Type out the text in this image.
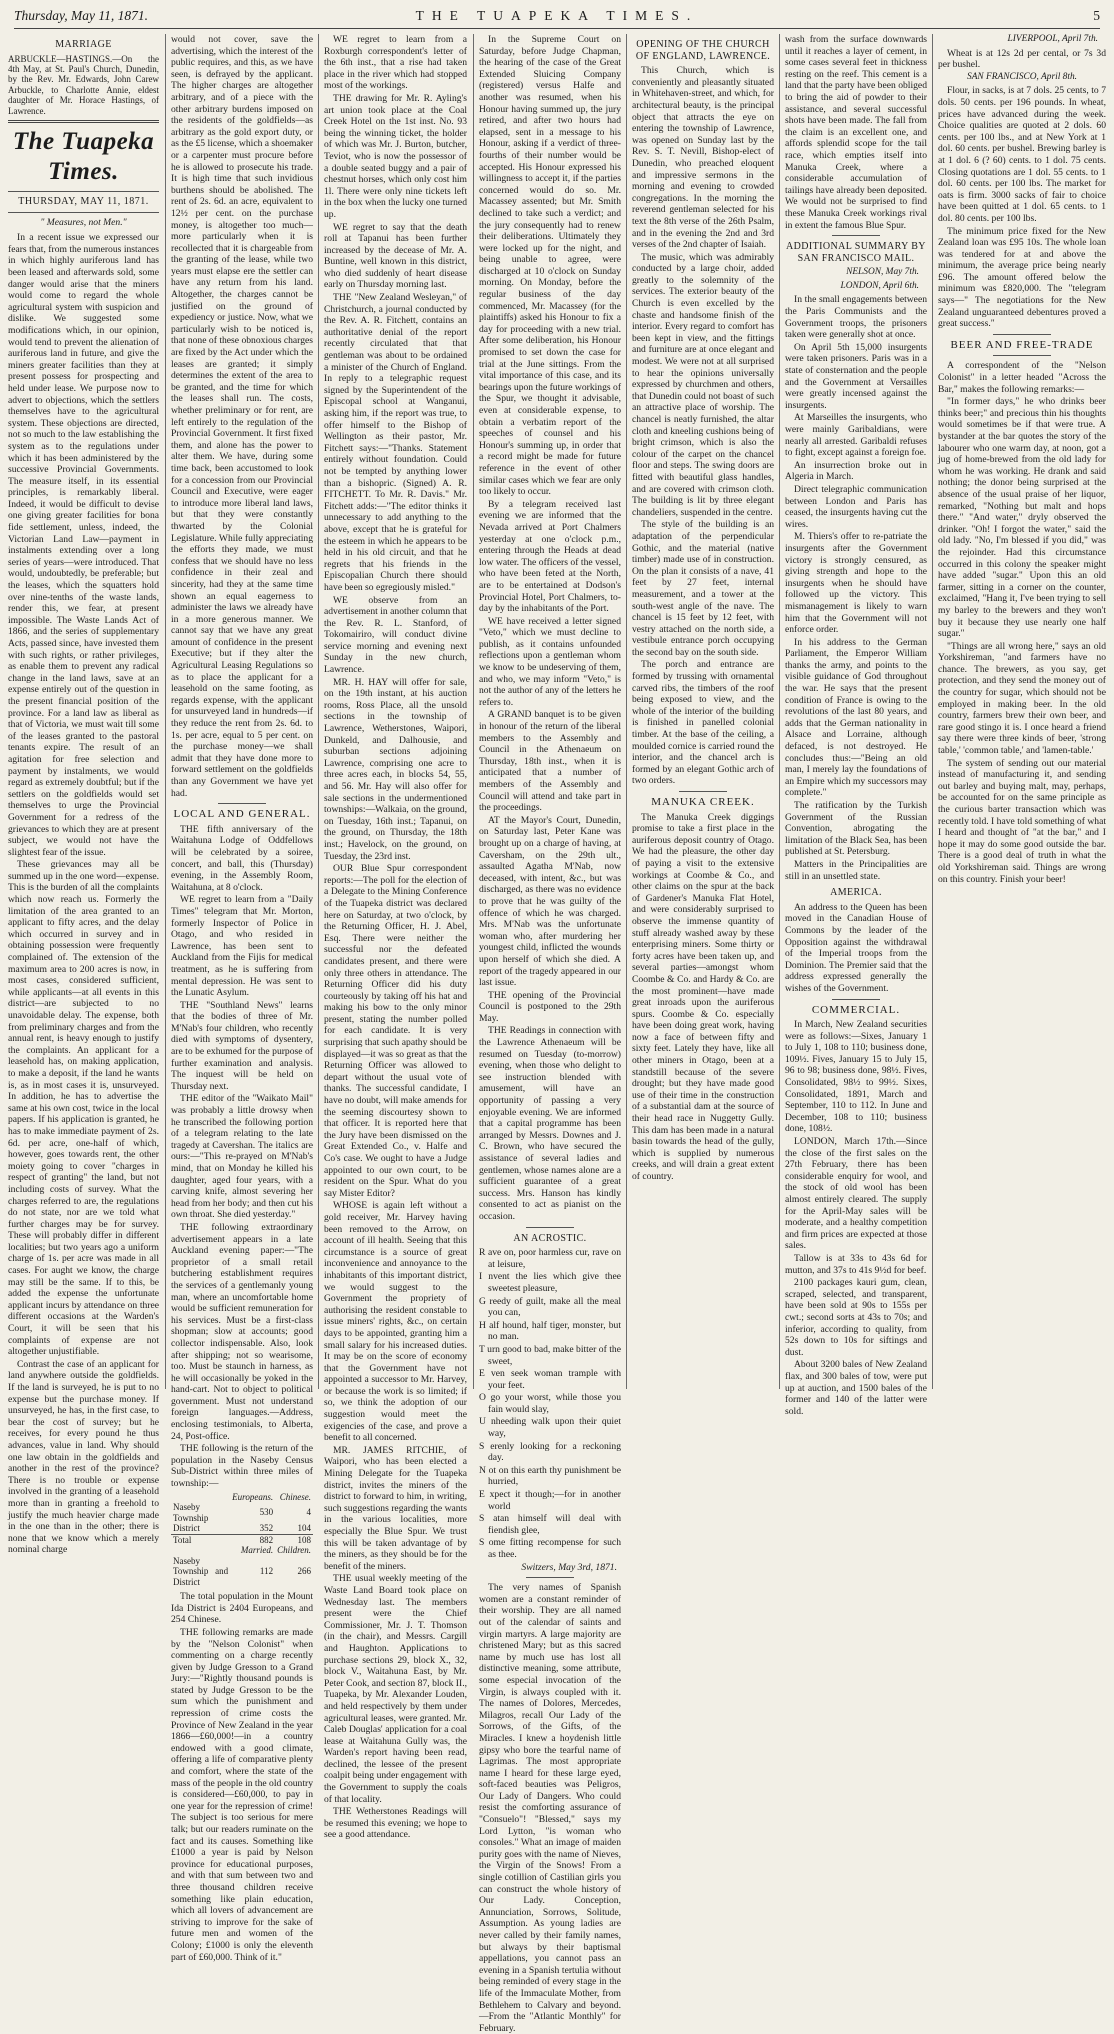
Thursday, May 11, 1871.	THE TUAPEKA TIMES.	5
MARRIAGE

ARBUCKLE—HASTINGS.—On the 4th May, at St. Paul's Church, Dunedin, by the Rev. Mr. Edwards, John Carew Arbuckle, to Charlotte Annie, eldest daughter of Mr. Horace Hastings, of Lawrence.

The Tuapeka Times.
THURSDAY, MAY 11, 1871.
" Measures, not Men."

In a recent issue we expressed our fears that, from the numerous instances in which highly auriferous land has been leased and afterwards sold, some danger would arise that the miners would come to regard the whole agricultural system with suspicion and dislike. We suggested some modifications which, in our opinion, would tend to prevent the alienation of auriferous land in future, and give the miners greater facilities than they at present possess for prospecting and held under lease. We purpose now to advert to objections, which the settlers themselves have to the agricultural system. These objections are directed, not so much to the law establishing the system as to the regulations under which it has been administered by the successive Provincial Governments. The measure itself, in its essential principles, is remarkably liberal. Indeed, it would be difficult to devise one giving greater facilities for bona fide settlement, unless, indeed, the Victorian Land Law—payment in instalments extending over a long series of years—were introduced. That would, undoubtedly, be preferable; but the leases, which the squatters hold over nine-tenths of the waste lands, render this, we fear, at present impossible. The Waste Lands Act of 1866, and the series of supplementary Acts, passed since, have invested them with such rights, or rather privileges, as enable them to prevent any radical change in the land laws, save at an expense entirely out of the question in the present financial position of the province. For a land law as liberal as that of Victoria, we must wait till some of the leases granted to the pastoral tenants expire. The result of an agitation for free selection and payment by instalments, we would regard as extremely doubtful; but if the settlers on the goldfields would set themselves to urge the Provincial Government for a redress of the grievances to which they are at present subject, we would not have the slightest fear of the issue.

These grievances may all be summed up in the one word—expense. This is the burden of all the complaints which now reach us. Formerly the limitation of the area granted to an applicant to fifty acres, and the delay which occurred in survey and in obtaining possession were frequently complained of. The extension of the maximum area to 200 acres is now, in most cases, considered sufficient, while applicants—at all events in this district—are subjected to no unavoidable delay. The expense, both from preliminary charges and from the annual rent, is heavy enough to justify the complaints. An applicant for a leasehold has, on making application, to make a deposit, if the land he wants is, as in most cases it is, unsurveyed. In addition, he has to advertise the same at his own cost, twice in the local papers. If his application is granted, he has to make immediate payment of 2s. 6d. per acre, one-half of which, however, goes towards rent, the other moiety going to cover "charges in respect of granting" the land, but not including costs of survey. What the charges referred to are, the regulations do not state, nor are we told what further charges may be for survey. These will probably differ in different localities; but two years ago a uniform charge of 1s. per acre was made in all cases. For aught we know, the charge may still be the same. If to this, be added the expense the unfortunate applicant incurs by attendance on three different occasions at the Warden's Court, it will be seen that his complaints of expense are not altogether unjustifiable.

Contrast the case of an applicant for land anywhere outside the goldfields. If the land is surveyed, he is put to no expense but the purchase money. If unsurveyed, he has, in the first case, to bear the cost of survey; but he receives, for every pound he thus advances, value in land. Why should one law obtain in the goldfields and another in the rest of the province? There is no trouble or expense involved in the granting of a leasehold more than in granting a freehold to justify the much heavier charge made in the one than in the other; there is none that we know which a merely nominal charge

would not cover, save the advertising, which the interest of the public requires, and this, as we have seen, is defrayed by the applicant. The higher charges are altogether arbitrary, and of a piece with the other arbitrary burdens imposed on the residents of the goldfields—as arbitrary as the gold export duty, or as the £5 license, which a shoemaker or a carpenter must procure before he is allowed to prosecute his trade. It is high time that such invidious burthens should be abolished. The rent of 2s. 6d. an acre, equivalent to 12½ per cent. on the purchase money, is altogether too much—more particularly when it is recollected that it is chargeable from the granting of the lease, while two years must elapse ere the settler can have any return from his land. Altogether, the charges cannot be justified on the ground of expediency or justice. Now, what we particularly wish to be noticed is, that none of these obnoxious charges are fixed by the Act under which the leases are granted; it simply determines the extent of the area to be granted, and the time for which the leases shall run. The costs, whether preliminary or for rent, are left entirely to the regulation of the Provincial Government. It first fixed them, and alone has the power to alter them. We have, during some time back, been accustomed to look for a concession from our Provincial Council and Executive, were eager to introduce more liberal land laws, but that they were constantly thwarted by the Colonial Legislature. While fully appreciating the efforts they made, we must confess that we should have no less confidence in their zeal and sincerity, had they at the same time shown an equal eagerness to administer the laws we already have in a more generous manner. We cannot say that we have any great amount of confidence in the present Executive; but if they alter the Agricultural Leasing Regulations so as to place the applicant for a leasehold on the same footing, as regards expense, with the applicant for unsurveyed land in hundreds—if they reduce the rent from 2s. 6d. to 1s. per acre, equal to 5 per cent. on the purchase money—we shall admit that they have done more to forward settlement on the goldfields than any Government we have yet had.

LOCAL AND GENERAL.

THE fifth anniversary of the Waitahuna Lodge of Oddfellows will be celebrated by a soiree, concert, and ball, this (Thursday) evening, in the Assembly Room, Waitahuna, at 8 o'clock.

WE regret to learn from a "Daily Times" telegram that Mr. Morton, formerly Inspector of Police in Otago, and who resided in Lawrence, has been sent to Auckland from the Fijis for medical treatment, as he is suffering from mental depression. He was sent to the Lunatic Asylum.

THE "Southland News" learns that the bodies of three of Mr. M'Nab's four children, who recently died with symptoms of dysentery, are to be exhumed for the purpose of further examination and analysis. The inquest will be held on Thursday next.

THE editor of the "Waikato Mail" was probably a little drowsy when he transcribed the following portion of a telegram relating to the late tragedy at Cavershan. The italics are ours:—"This re-prayed on M'Nab's mind, that on Monday he killed his daughter, aged four years, with a carving knife, almost severing her head from her body; and then cut his own throat. She died yesterday."

THE following extraordinary advertisement appears in a late Auckland evening paper:—"The proprietor of a small retail butchering establishment requires the services of a gentlemanly young man, where an uncomfortable home would be sufficient remuneration for his services. Must be a first-class shopman; slow at accounts; good collector indispensable. Also, look after shipping; not so wearisome, too. Must be staunch in harness, as he will occasionally be yoked in the hand-cart. Not to object to political government. Must not understand foreign languages.—Address, enclosing testimonials, to Alberta, 24, Post-office.

THE following is the return of the population in the Naseby Census Sub-District within three miles of township:—

	Europeans.	Chinese.
Naseby Township	530	4
District	352	104
Total	882	108
	Married.	Children.
Naseby Township and District	112	266

The total population in the Mount Ida District is 2404 Europeans, and 254 Chinese.

THE following remarks are made by the "Nelson Colonist" when commenting on a charge recently given by Judge Gresson to a Grand Jury:—"Rightly thousand pounds is stated by Judge Gresson to be the sum which the punishment and repression of crime costs the Province of New Zealand in the year 1866—£60,000!—in a country endowed with a good climate, offering a life of comparative plenty and comfort, where the state of the mass of the people in the old country is considered—£60,000, to pay in one year for the repression of crime! The subject is too serious for mere talk; but our readers ruminate on the fact and its causes. Something like £1000 a year is paid by Nelson province for educational purposes, and with that sum between two and three thousand children receive something like plain education, which all lovers of advancement are striving to improve for the sake of future men and women of the Colony; £1000 is only the eleventh part of £60,000. Think of it."

WE regret to learn from a Roxburgh correspondent's letter of the 6th inst., that a rise had taken place in the river which had stopped most of the workings.

THE drawing for Mr. R. Ayling's art union took place at the Coal Creek Hotel on the 1st inst. No. 93 being the winning ticket, the holder of which was Mr. J. Burton, butcher, Teviot, who is now the possessor of a double seated buggy and a pair of chestnut horses, which only cost him 1l. There were only nine tickets left in the box when the lucky one turned up.

WE regret to say that the death roll at Tapanui has been further increased by the decease of Mr. A. Buntine, well known in this district, who died suddenly of heart disease early on Thursday morning last.

THE "New Zealand Wesleyan," of Christchurch, a journal conducted by the Rev. A. R. Fitchett, contains an authoritative denial of the report recently circulated that that gentleman was about to be ordained a minister of the Church of England. In reply to a telegraphic request signed by the Superintendent of the Episcopal school at Wanganui, asking him, if the report was true, to offer himself to the Bishop of Wellington as their pastor, Mr. Fitchett says:—"Thanks. Statement entirely without foundation. Could not be tempted by anything lower than a bishopric. (Signed) A. R. FITCHETT. To Mr. R. Davis." Mr. Fitchett adds:—"The editor thinks it unnecessary to add anything to the above, except that he is grateful for the esteem in which he appears to be held in his old circuit, and that he regrets that his friends in the Episcopalian Church there should have been so egregiously misled."

WE observe from an advertisement in another column that the Rev. R. L. Stanford, of Tokomairiro, will conduct divine service morning and evening next Sunday in the new church, Lawrence.

MR. H. HAY will offer for sale, on the 19th instant, at his auction rooms, Ross Place, all the unsold sections in the township of Lawrence, Wetherstones, Waipori, Dunkeld, and Dalhousie, and suburban sections adjoining Lawrence, comprising one acre to three acres each, in blocks 54, 55, and 56. Mr. Hay will also offer for sale sections in the undermentioned townships:—Walkaia, on the ground, on Tuesday, 16th inst.; Tapanui, on the ground, on Thursday, the 18th inst.; Havelock, on the ground, on Tuesday, the 23rd inst.

OUR Blue Spur correspondent reports:—The poll for the election of a Delegate to the Mining Conference of the Tuapeka district was declared here on Saturday, at two o'clock, by the Returning Officer, H. J. Abel, Esq. There were neither the successful nor the defeated candidates present, and there were only three others in attendance. The Returning Officer did his duty courteously by taking off his hat and making his bow to the only minor present, stating the number polled for each candidate. It is very surprising that such apathy should be displayed—it was so great as that the Returning Officer was allowed to depart without the usual vote of thanks. The successful candidate, I have no doubt, will make amends for the seeming discourtesy shown to that officer. It is reported here that the Jury have been dismissed on the Great Extended Co., v. Halfe and Co's case. We ought to have a Judge appointed to our own court, to be resident on the Spur. What do you say Mister Editor?

WHOSE is again left without a gold receiver, Mr. Harvey having been removed to the Arrow, on account of ill health. Seeing that this circumstance is a source of great inconvenience and annoyance to the inhabitants of this important district, we would suggest to the Government the propriety of authorising the resident constable to issue miners' rights, &c., on certain days to be appointed, granting him a small salary for his increased duties. It may be on the score of economy that the Government have not appointed a successor to Mr. Harvey, or because the work is so limited; if so, we think the adoption of our suggestion would meet the exigencies of the case, and prove a benefit to all concerned.

MR. JAMES RITCHIE, of Waipori, who has been elected a Mining Delegate for the Tuapeka district, invites the miners of the district to forward to him, in writing, such suggestions regarding the wants in the various localities, more especially the Blue Spur. We trust this will be taken advantage of by the miners, as they should be for the benefit of the miners.

THE usual weekly meeting of the Waste Land Board took place on Wednesday last. The members present were the Chief Commissioner, Mr. J. T. Thomson (in the chair), and Messrs. Cargill and Haughton. Applications to purchase sections 29, block X., 32, block V., Waitahuna East, by Mr. Peter Cook, and section 87, block II., Tuapeka, by Mr. Alexander Louden, and held respectively by them under agricultural leases, were granted. Mr. Caleb Douglas' application for a coal lease at Waitahuna Gully was, the Warden's report having been read, declined, the lessee of the present coalpit being under engagement with the Government to supply the coals of that locality.

THE Wetherstones Readings will be resumed this evening; we hope to see a good attendance.

In the Supreme Court on Saturday, before Judge Chapman, the hearing of the case of the Great Extended Sluicing Company (registered) versus Halfe and another was resumed, when his Honour having summed up, the jury retired, and after two hours had elapsed, sent in a message to his Honour, asking if a verdict of three-fourths of their number would be accepted. His Honour expressed his willingness to accept it, if the parties concerned would do so. Mr. Macassey assented; but Mr. Smith declined to take such a verdict; and the jury consequently had to renew their deliberations. Ultimately they were locked up for the night, and being unable to agree, were discharged at 10 o'clock on Sunday morning. On Monday, before the regular business of the day commenced, Mr. Macassey (for the plaintiffs) asked his Honour to fix a day for proceeding with a new trial. After some deliberation, his Honour promised to set down the case for trial at the June sittings. From the vital importance of this case, and its bearings upon the future workings of the Spur, we thought it advisable, even at considerable expense, to obtain a verbatim report of the speeches of counsel and his Honour's summing up, in order that a record might be made for future reference in the event of other similar cases which we fear are only too likely to occur.

By a telegram received last evening we are informed that the Nevada arrived at Port Chalmers yesterday at one o'clock p.m., entering through the Heads at dead low water. The officers of the vessel, who have been feted at the North, are to be entertained at Dodson's Provincial Hotel, Port Chalmers, to-day by the inhabitants of the Port.

WE have received a letter signed "Veto," which we must decline to publish, as it contains unfounded reflections upon a gentleman whom we know to be undeserving of them, and who, we may inform "Veto," is not the author of any of the letters he refers to.

A GRAND banquet is to be given in honour of the return of the liberal members to the Assembly and Council in the Athenaeum on Thursday, 18th inst., when it is anticipated that a number of members of the Assembly and Council will attend and take part in the proceedings.

AT the Mayor's Court, Dunedin, on Saturday last, Peter Kane was brought up on a charge of having, at Caversham, on the 29th ult., assaulted Agatha M'Nab, now deceased, with intent, &c., but was discharged, as there was no evidence to prove that he was guilty of the offence of which he was charged. Mrs. M'Nab was the unfortunate woman who, after murdering her youngest child, inflicted the wounds upon herself of which she died. A report of the tragedy appeared in our last issue.

THE opening of the Provincial Council is postponed to the 29th May.

THE Readings in connection with the Lawrence Athenaeum will be resumed on Tuesday (to-morrow) evening, when those who delight to see instruction blended with amusement, will have an opportunity of passing a very enjoyable evening. We are informed that a capital programme has been arranged by Messrs. Downes and J. C. Brown, who have secured the assistance of several ladies and gentlemen, whose names alone are a sufficient guarantee of a great success. Mrs. Hanson has kindly consented to act as pianist on the occasion.

AN ACROSTIC.

R ave on, poor harmless cur, rave on at leisure,

I nvent the lies which give thee sweetest pleasure,

G reedy of guilt, make all the meal you can,

H alf hound, half tiger, monster, but no man.

T urn good to bad, make bitter of the sweet,

E ven seek woman trample with your feet.

O go your worst, while those you fain would slay,

U nheeding walk upon their quiet way,

S erenly looking for a reckoning day.

N ot on this earth thy punishment be hurried,

E xpect it though;—for in another world

S atan himself will deal with fiendish glee,

S ome fitting recompense for such as thee.

Switzers, May 3rd, 1871.

The very names of Spanish women are a constant reminder of their worship. They are all named out of the calendar of saints and virgin martyrs. A large majority are christened Mary; but as this sacred name by much use has lost all distinctive meaning, some attribute, some especial invocation of the Virgin, is always coupled with it. The names of Dolores, Mercedes, Milagros, recall Our Lady of the Sorrows, of the Gifts, of the Miracles. I knew a hoydenish little gipsy who bore the tearful name of Lagrimas. The most appropriate name I heard for these large eyed, soft-faced beauties was Peligros, Our Lady of Dangers. Who could resist the comforting assurance of "Consuelo"! "Blessed," says my Lord Lytton, "is woman who consoles." What an image of maiden purity goes with the name of Nieves, the Virgin of the Snows! From a single cotillion of Castilian girls you can construct the whole history of Our Lady. Conception, Annunciation, Sorrows, Solitude, Assumption. As young ladies are never called by their family names, but always by their baptismal appellations, you cannot pass an evening in a Spanish tertulia without being reminded of every stage in the life of the Immaculate Mother, from Bethlehem to Calvary and beyond.—From the "Atlantic Monthly" for February.

OPENING OF THE CHURCH OF ENGLAND, LAWRENCE.

This Church, which is conveniently and pleasantly situated in Whitehaven-street, and which, for architectural beauty, is the principal object that attracts the eye on entering the township of Lawrence, was opened on Sunday last by the Rev. S. T. Nevill, Bishop-elect of Dunedin, who preached eloquent and impressive sermons in the morning and evening to crowded congregations. In the morning the reverend gentleman selected for his text the 8th verse of the 26th Psalm, and in the evening the 2nd and 3rd verses of the 2nd chapter of Isaiah.

The music, which was admirably conducted by a large choir, added greatly to the solemnity of the services. The exterior beauty of the Church is even excelled by the chaste and handsome finish of the interior. Every regard to comfort has been kept in view, and the fittings and furniture are at once elegant and modest. We were not at all surprised to hear the opinions universally expressed by churchmen and others, that Dunedin could not boast of such an attractive place of worship. The chancel is neatly furnished, the altar cloth and kneeling cushions being of bright crimson, which is also the colour of the carpet on the chancel floor and steps. The swing doors are fitted with beautiful glass handles, and are covered with crimson cloth. The building is lit by three elegant chandeliers, suspended in the centre.

The style of the building is an adaptation of the perpendicular Gothic, and the material (native timber) made use of in construction. On the plan it consists of a nave, 41 feet by 27 feet, internal measurement, and a tower at the south-west angle of the nave. The chancel is 15 feet by 12 feet, with vestry attached on the north side, a vestibule entrance porch occupying the second bay on the south side.

The porch and entrance are formed by trussing with ornamental carved ribs, the timbers of the roof being exposed to view, and the whole of the interior of the building is finished in panelled colonial timber. At the base of the ceiling, a moulded cornice is carried round the interior, and the chancel arch is formed by an elegant Gothic arch of two orders.

MANUKA CREEK.

The Manuka Creek diggings promise to take a first place in the auriferous deposit country of Otago. We had the pleasure, the other day of paying a visit to the extensive workings at Coombe & Co., and other claims on the spur at the back of Gardener's Manuka Flat Hotel, and were considerably surprised to observe the immense quantity of stuff already washed away by these enterprising miners. Some thirty or forty acres have been taken up, and several parties—amongst whom Coombe & Co. and Hardy & Co. are the most prominent—have made great inroads upon the auriferous spurs. Coombe & Co. especially have been doing great work, having now a face of between fifty and sixty feet. Lately they have, like all other miners in Otago, been at a standstill because of the severe drought; but they have made good use of their time in the construction of a substantial dam at the source of their head race in Nuggetty Gully. This dam has been made in a natural basin towards the head of the gully, which is supplied by numerous creeks, and will drain a great extent of country.

wash from the surface downwards until it reaches a layer of cement, in some cases several feet in thickness resting on the reef. This cement is a land that the party have been obliged to bring the aid of powder to their assistance, and several successful shots have been made. The fall from the claim is an excellent one, and affords splendid scope for the tail race, which empties itself into Manuka Creek, where a considerable accumulation of tailings have already been deposited. We would not be surprised to find these Manuka Creek workings rival in extent the famous Blue Spur.

ADDITIONAL SUMMARY BY SAN FRANCISCO MAIL.
NELSON, May 7th.
LONDON, April 6th.

In the small engagements between the Paris Communists and the Government troops, the prisoners taken were generally shot at once.

On April 5th 15,000 insurgents were taken prisoners. Paris was in a state of consternation and the people and the Government at Versailles were greatly incensed against the insurgents.

At Marseilles the insurgents, who were mainly Garibaldians, were nearly all arrested. Garibaldi refuses to fight, except against a foreign foe.

An insurrection broke out in Algeria in March.

Direct telegraphic communication between London and Paris has ceased, the insurgents having cut the wires.

M. Thiers's offer to re-patriate the insurgents after the Government victory is strongly censured, as giving strength and hope to the insurgents when he should have followed up the victory. This mismanagement is likely to warn him that the Government will not enforce order.

In his address to the German Parliament, the Emperor William thanks the army, and points to the visible guidance of God throughout the war. He says that the present condition of France is owing to the revolutions of the last 80 years, and adds that the German nationality in Alsace and Lorraine, although defaced, is not destroyed. He concludes thus:—"Being an old man, I merely lay the foundations of an Empire which my successors may complete."

The ratification by the Turkish Government of the Russian Convention, abrogating the limitation of the Black Sea, has been published at St. Petersburg.

Matters in the Principalities are still in an unsettled state.

AMERICA.

An address to the Queen has been moved in the Canadian House of Commons by the leader of the Opposition against the withdrawal of the Imperial troops from the Dominion. The Premier said that the address expressed generally the wishes of the Government.

COMMERCIAL.

In March, New Zealand securities were as follows:—Sixes, January 1 to July 1, 108 to 110; business done, 109½. Fives, January 15 to July 15, 96 to 98; business done, 98½. Fives, Consolidated, 98½ to 99½. Sixes, Consolidated, 1891, March and September, 110 to 112. In June and December, 108 to 110; business done, 108½.

LONDON, March 17th.—Since the close of the first sales on the 27th February, there has been considerable enquiry for wool, and the stock of old wool has been almost entirely cleared. The supply for the April-May sales will be moderate, and a healthy competition and firm prices are expected at those sales.

Tallow is at 33s to 43s 6d for mutton, and 37s to 41s 9½d for beef.

2100 packages kauri gum, clean, scraped, selected, and transparent, have been sold at 90s to 155s per cwt.; second sorts at 43s to 70s; and inferior, according to quality, from 52s down to 10s for siftings and dust.

About 3200 bales of New Zealand flax, and 300 bales of tow, were put up at auction, and 1500 bales of the former and 140 of the latter were sold.

LIVERPOOL, April 7th.

Wheat is at 12s 2d per cental, or 7s 3d per bushel.

SAN FRANCISCO, April 8th.

Flour, in sacks, is at 7 dols. 25 cents, to 7 dols. 50 cents. per 196 pounds. In wheat, prices have advanced during the week. Choice qualities are quoted at 2 dols. 60 cents. per 100 lbs., and at New York at 1 dol. 60 cents. per bushel. Brewing barley is at 1 dol. 6 (? 60) cents. to 1 dol. 75 cents. Closing quotations are 1 dol. 55 cents. to 1 dol. 60 cents. per 100 lbs. The market for oats is firm. 3000 sacks of fair to choice have been quitted at 1 dol. 65 cents. to 1 dol. 80 cents. per 100 lbs.

The minimum price fixed for the New Zealand loan was £95 10s. The whole loan was tendered for at and above the minimum, the average price being nearly £96. The amount offered below the minimum was £820,000. The "telegram says—" The negotiations for the New Zealand unguaranteed debentures proved a great success."

BEER AND FREE-TRADE

A correspondent of the "Nelson Colonist" in a letter headed "Across the Bar," makes the following remarks:—

"In former days," he who drinks beer thinks beer;" and precious thin his thoughts would sometimes be if that were true. A bystander at the bar quotes the story of the labourer who one warm day, at noon, got a jug of home-brewed from the old lady for whom he was working. He drank and said nothing; the donor being surprised at the absence of the usual praise of her liquor, remarked, "Nothing but malt and hops there." "And water," dryly observed the drinker. "Oh! I forgot the water," said the old lady. "No, I'm blessed if you did," was the rejoinder. Had this circumstance occurred in this colony the speaker might have added "sugar." Upon this an old farmer, sitting in a corner on the counter, exclaimed, "Hang it, I've been trying to sell my barley to the brewers and they won't buy it because they use nearly one half sugar."

"Things are all wrong here," says an old Yorkshireman, "and farmers have no chance. The brewers, as you say, get protection, and they send the money out of the country for sugar, which should not be employed in making beer. In the old country, farmers brew their own beer, and rare good stingo it is. I once heard a friend say there were three kinds of beer, 'strong table,' 'common table,' and 'lamen-table.'

The system of sending out our material instead of manufacturing it, and sending out barley and buying malt, may, perhaps, be accounted for on the same principle as the curious barter transaction which was recently told. I have told something of what I heard and thought of "at the bar," and I hope it may do some good outside the bar. There is a good deal of truth in what the old Yorkshireman said. Things are wrong on this country. Finish your beer!
